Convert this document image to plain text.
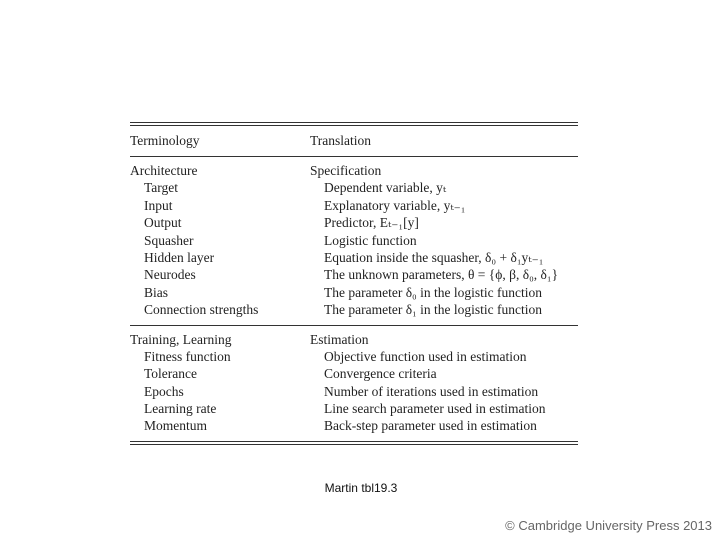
Terminology	Translation
Architecture	Specification
Target	Dependent variable, yₜ
Input	Explanatory variable, yₜ₋₁
Output	Predictor, Eₜ₋₁[y]
Squasher	Logistic function
Hidden layer	Equation inside the squasher, δ₀ + δ₁yₜ₋₁
Neurodes	The unknown parameters, θ = {ϕ, β, δ₀, δ₁}
Bias	The parameter δ₀ in the logistic function
Connection strengths	The parameter δ₁ in the logistic function
Training, Learning	Estimation
Fitness function	Objective function used in estimation
Tolerance	Convergence criteria
Epochs	Number of iterations used in estimation
Learning rate	Line search parameter used in estimation
Momentum	Back-step parameter used in estimation
Martin tbl19.3
© Cambridge University Press 2013
